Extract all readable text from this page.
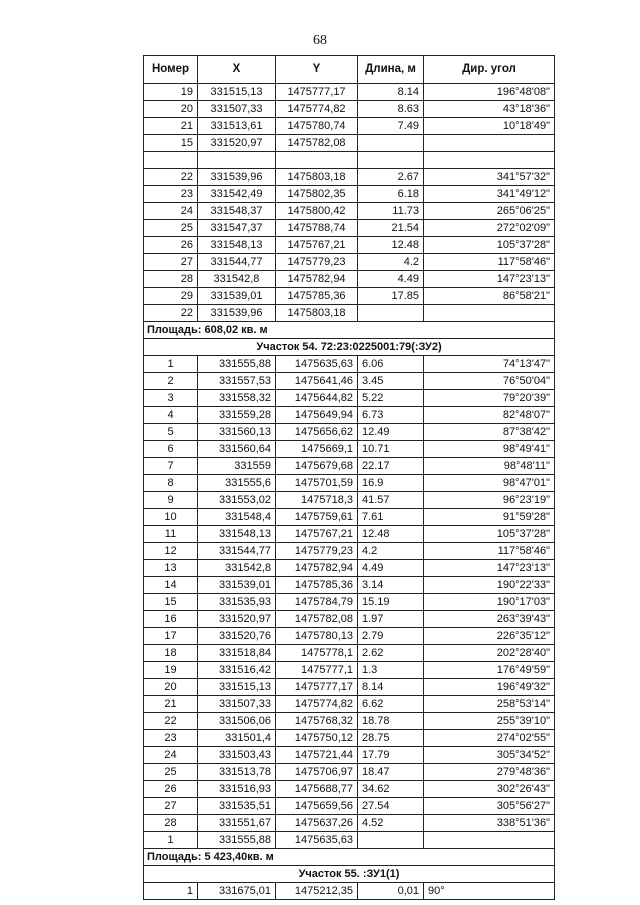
68
Номер	X	Y	Длина, м	Дир. угол
19	331515,13	1475777,17	8.14	196°48'08"
20	331507,33	1475774,82	8.63	43°18'36"
21	331513,61	1475780,74	7.49	10°18'49"
15	331520,97	1475782,08		

22	331539,96	1475803,18	2.67	341°57'32"
23	331542,49	1475802,35	6.18	341°49'12"
24	331548,37	1475800,42	11.73	265°06'25"
25	331547,37	1475788,74	21.54	272°02'09"
26	331548,13	1475767,21	12.48	105°37'28"
27	331544,77	1475779,23	4.2	117°58'46"
28	331542,8	1475782,94	4.49	147°23'13"
29	331539,01	1475785,36	17.85	86°58'21"
22	331539,96	1475803,18		
Площадь: 608,02 кв. м				
Участок 54. 72:23:0225001:79(:ЗУ2)				
1	331555,88	1475635,63	6.06	74°13'47"
2	331557,53	1475641,46	3.45	76°50'04"
3	331558,32	1475644,82	5.22	79°20'39"
4	331559,28	1475649,94	6.73	82°48'07"
5	331560,13	1475656,62	12.49	87°38'42"
6	331560,64	1475669,1	10.71	98°49'41"
7	331559	1475679,68	22.17	98°48'11"
8	331555,6	1475701,59	16.9	98°47'01"
9	331553,02	1475718,3	41.57	96°23'19"
10	331548,4	1475759,61	7.61	91°59'28"
11	331548,13	1475767,21	12.48	105°37'28"
12	331544,77	1475779,23	4.2	117°58'46"
13	331542,8	1475782,94	4.49	147°23'13"
14	331539,01	1475785,36	3.14	190°22'33"
15	331535,93	1475784,79	15.19	190°17'03"
16	331520,97	1475782,08	1.97	263°39'43"
17	331520,76	1475780,13	2.79	226°35'12"
18	331518,84	1475778,1	2.62	202°28'40"
19	331516,42	1475777,1	1.3	176°49'59"
20	331515,13	1475777,17	8.14	196°49'32"
21	331507,33	1475774,82	6.62	258°53'14"
22	331506,06	1475768,32	18.78	255°39'10"
23	331501,4	1475750,12	28.75	274°02'55"
24	331503,43	1475721,44	17.79	305°34'52"
25	331513,78	1475706,97	18.47	279°48'36"
26	331516,93	1475688,77	34.62	302°26'43"
27	331535,51	1475659,56	27.54	305°56'27"
28	331551,67	1475637,26	4.52	338°51'36"
1	331555,88	1475635,63		
Площадь: 5 423,40кв. м				
Участок 55. :ЗУ1(1)				
1	331675,01	1475212,35	0,01	90°
